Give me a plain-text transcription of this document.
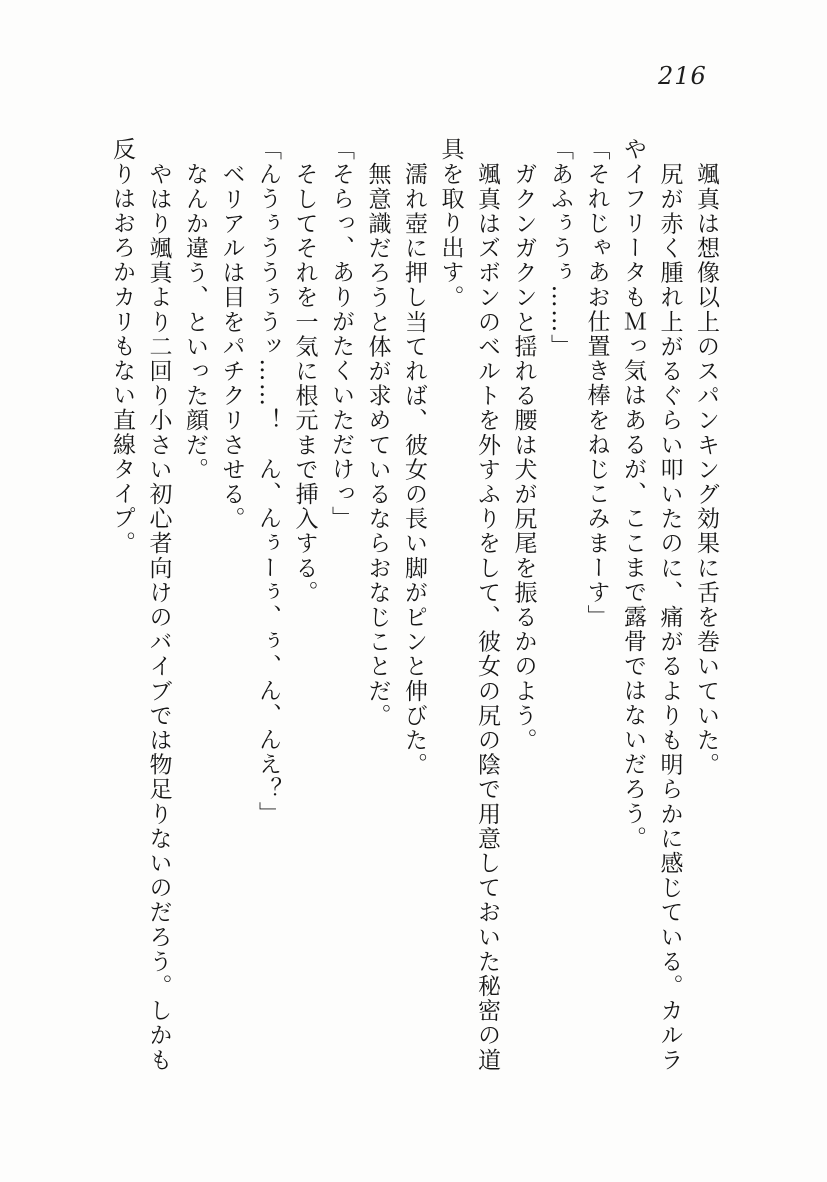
216

颯真は想像以上のスパンキング効果に舌を巻いていた。

尻が赤く腫れ上がるぐらい叩いたのに、痛がるよりも明らかに感じている。カルラやイフリータもＭっ気はあるが、ここまで露骨ではないだろう。

「それじゃあお仕置き棒をねじこみまーす」

「あふぅうぅ……」

ガクンガクンと揺れる腰は犬が尻尾を振るかのよう。

颯真はズボンのベルトを外すふりをして、彼女の尻の陰で用意しておいた秘密の道具を取り出す。

濡れ壺に押し当てれば、彼女の長い脚がピンと伸びた。

無意識だろうと体が求めているならおなじことだ。

「そらっ、ありがたくいただけっ」

そしてそれを一気に根元まで挿入する。

「んうぅううぅうッ……！　ん、んぅーぅ、ぅ、ん、んえ？」

ベリアルは目をパチクリさせる。

なんか違う、といった顔だ。

やはり颯真より二回り小さい初心者向けのバイブでは物足りないのだろう。しかも反りはおろかカリもない直線タイプ。
